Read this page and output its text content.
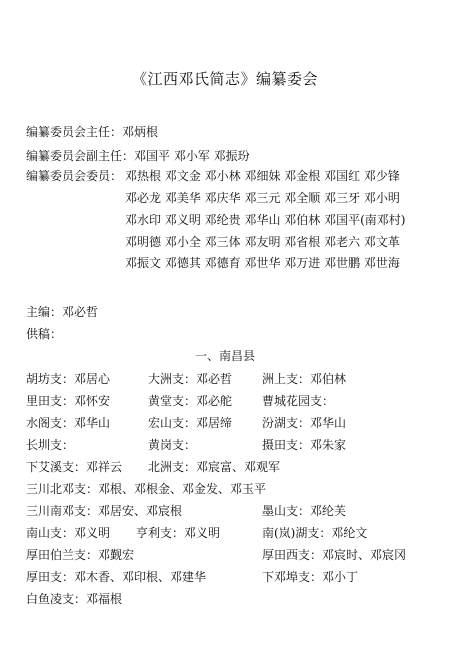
《江西邓氏简志》编纂委会
编纂委员会主任：邓炳根
编纂委员会副主任：邓国平 邓小军 邓振玢
编纂委员会委员： 邓热根 邓文金 邓小林 邓细妹 邓金根 邓国红 邓少锋
邓必龙 邓美华 邓庆华 邓三元 邓全顺 邓三牙 邓小明
邓水印 邓义明 邓纶贵 邓华山 邓伯林 邓国平(南邓村)
邓明德 邓小全 邓三体 邓友明 邓省根 邓老六 邓文革
邓振文 邓德其 邓德育 邓世华 邓万进 邓世鹏 邓世海
主编：邓必哲
供稿：
一、南昌县
胡坊支：邓居心	大洲支：邓必哲 洲上支：邓伯林
里田支：邓怀安	黄堂支：邓必舵 曹城花园支：
水阁支：邓华山	宏山支：邓居缔 汾湖支：邓华山
长圳支：	黄岗支：	摄田支：邓朱家
下艾溪支：邓祥云 北洲支：邓宸富、邓观军
三川北邓支：邓根、邓根金、邓金发、邓玉平
三川南邓支：邓居安、邓宸根	墨山支：邓纶芙
南山支：邓义明 亨利支：邓义明	南(岚)湖支：邓纶文
厚田伯兰支：邓觐宏	厚田西支：邓宸时、邓宸冈
厚田支：邓木香、邓印根、邓建华	下邓埠支：邓小丁
白鱼凌支：邓福根
